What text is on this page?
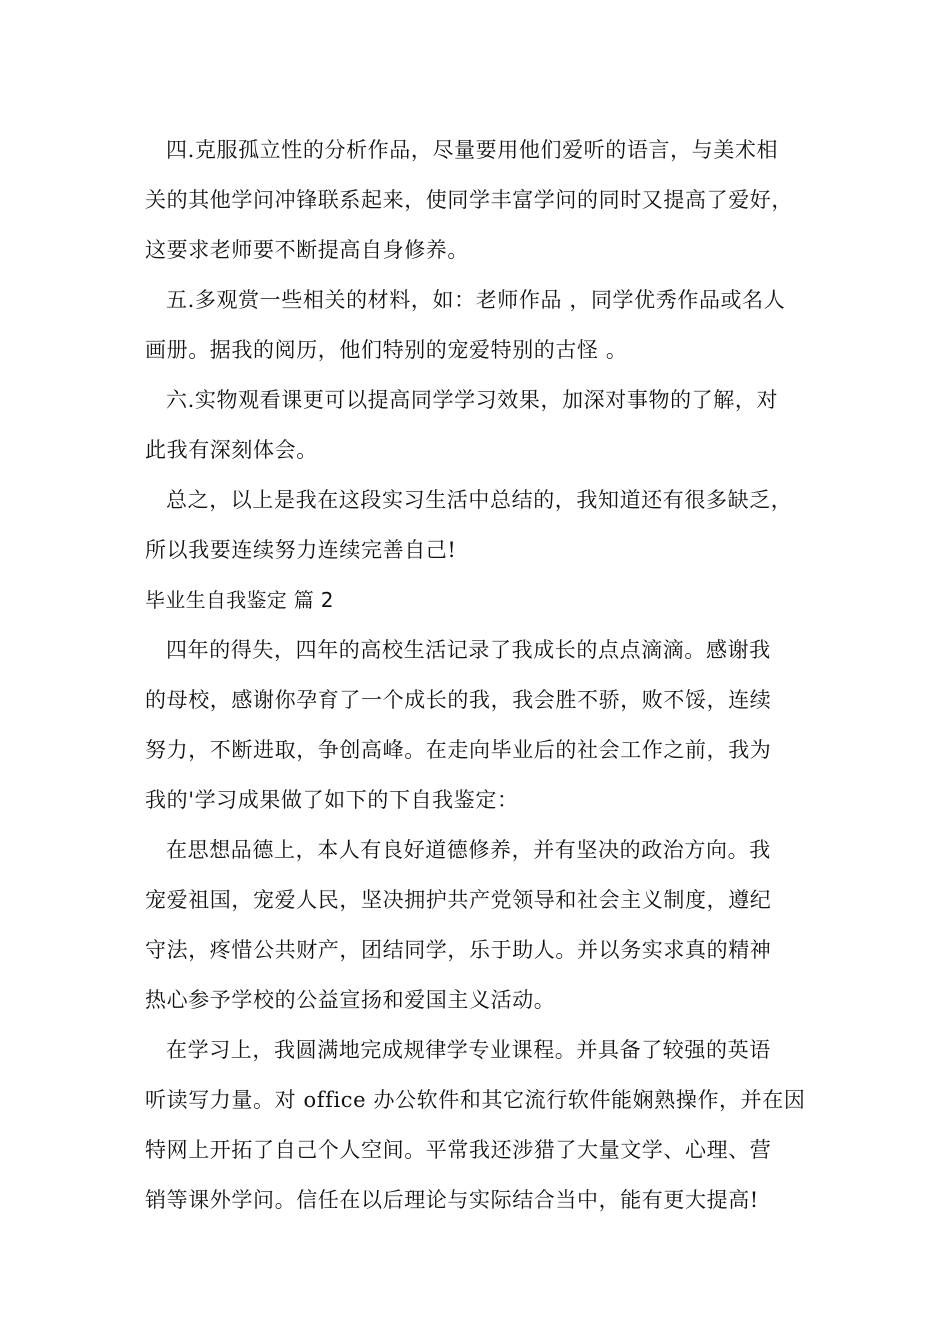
四.克服孤立性的分析作品，尽量要用他们爱听的语言，与美术相

关的其他学问冲锋联系起来，使同学丰富学问的同时又提高了爱好，

这要求老师要不断提高自身修养。

五.多观赏一些相关的材料，如：老师作品 ，同学优秀作品或名人

画册。据我的阅历，他们特别的宠爱特别的古怪 。

六.实物观看课更可以提高同学学习效果，加深对事物的了解，对

此我有深刻体会。

总之，以上是我在这段实习生活中总结的，我知道还有很多缺乏，

所以我要连续努力连续完善自己!

毕业生自我鉴定 篇 2

四年的得失，四年的高校生活记录了我成长的点点滴滴。感谢我

的母校，感谢你孕育了一个成长的我，我会胜不骄，败不馁，连续

努力，不断进取，争创高峰。在走向毕业后的社会工作之前，我为

我的'学习成果做了如下的下自我鉴定：

在思想品德上，本人有良好道德修养，并有坚决的政治方向。我

宠爱祖国，宠爱人民，坚决拥护共产党领导和社会主义制度，遵纪

守法，疼惜公共财产，团结同学，乐于助人。并以务实求真的精神

热心参予学校的公益宣扬和爱国主义活动。

在学习上，我圆满地完成规律学专业课程。并具备了较强的英语

听读写力量。对 office 办公软件和其它流行软件能娴熟操作，并在因

特网上开拓了自己个人空间。平常我还涉猎了大量文学、心理、营

销等课外学问。信任在以后理论与实际结合当中，能有更大提高!
